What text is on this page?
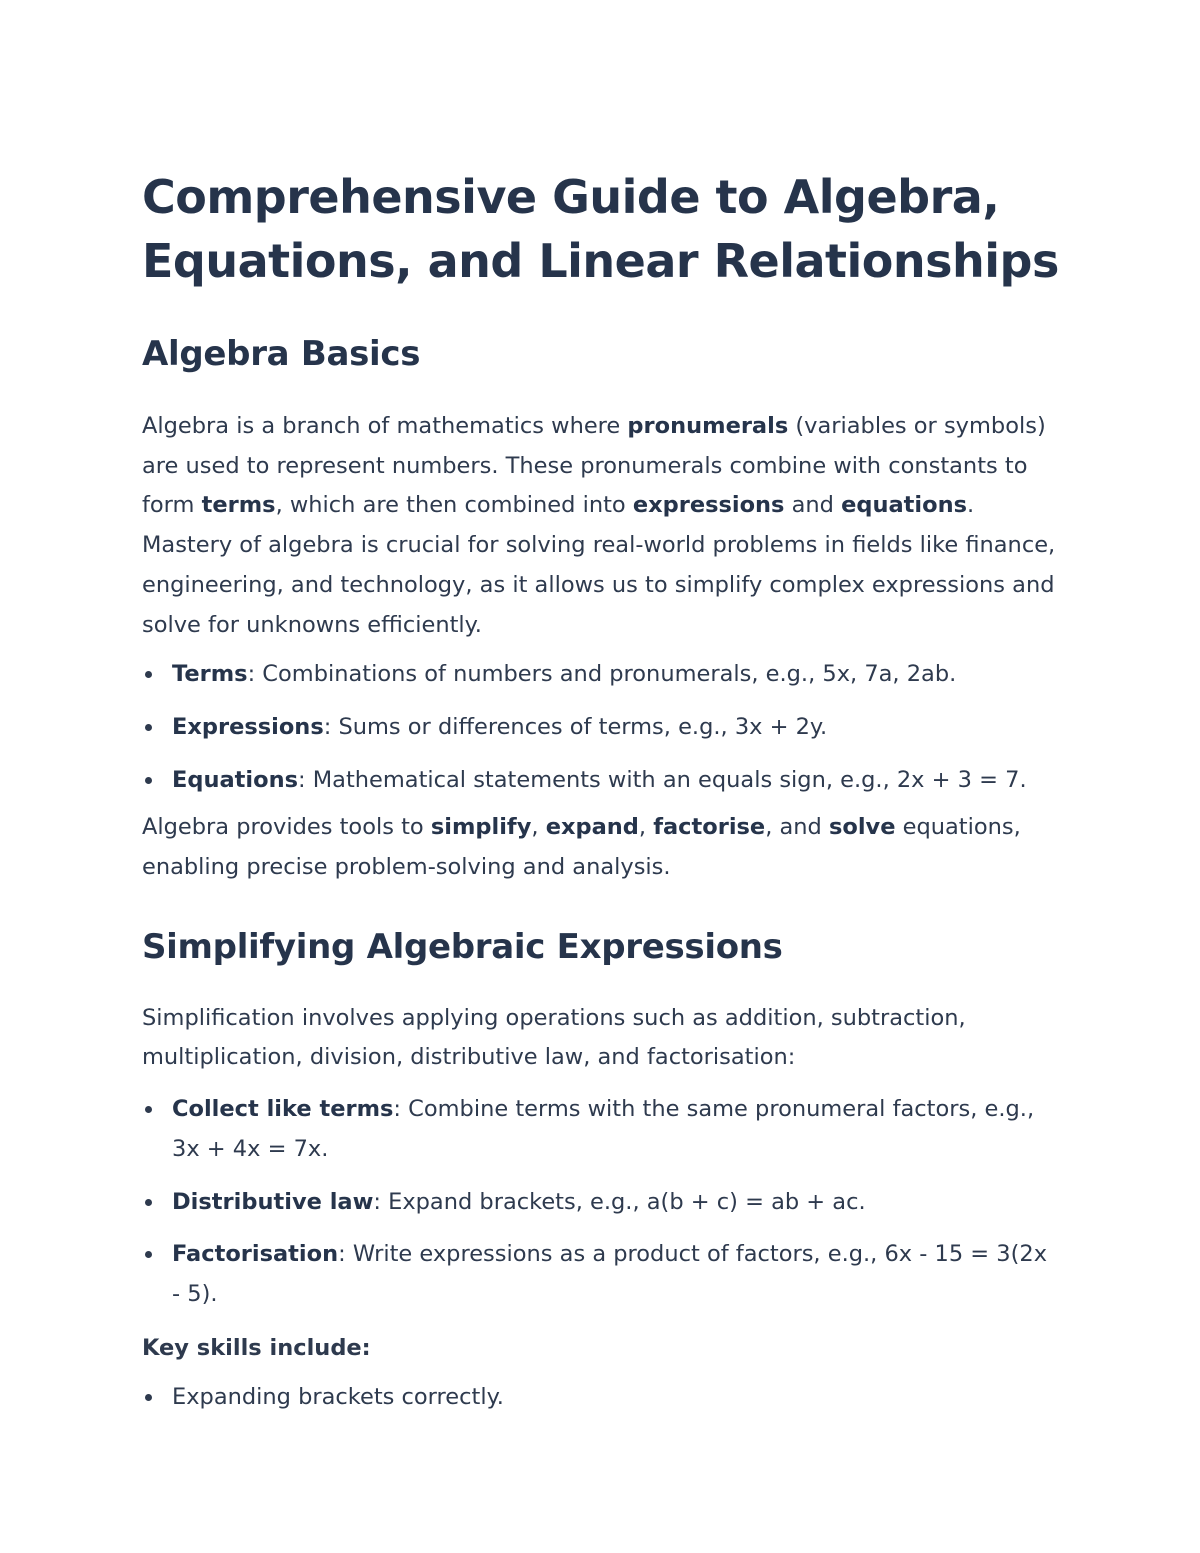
Comprehensive Guide to Algebra, Equations, and Linear Relationships
Algebra Basics

Algebra is a branch of mathematics where pronumerals (variables or symbols) are used to represent numbers. These pronumerals combine with constants to form terms, which are then combined into expressions and equations. Mastery of algebra is crucial for solving real-world problems in fields like finance, engineering, and technology, as it allows us to simplify complex expressions and solve for unknowns efficiently.

Terms: Combinations of numbers and pronumerals, e.g., 5x, 7a, 2ab.
Expressions: Sums or differences of terms, e.g., 3x + 2y.
Equations: Mathematical statements with an equals sign, e.g., 2x + 3 = 7.

Algebra provides tools to simplify, expand, factorise, and solve equations, enabling precise problem-solving and analysis.

Simplifying Algebraic Expressions

Simplification involves applying operations such as addition, subtraction, multiplication, division, distributive law, and factorisation:

Collect like terms: Combine terms with the same pronumeral factors, e.g., 3x + 4x = 7x.
Distributive law: Expand brackets, e.g., a(b + c) = ab + ac.
Factorisation: Write expressions as a product of factors, e.g., 6x - 15 = 3(2x - 5).

Key skills include:

Expanding brackets correctly.
